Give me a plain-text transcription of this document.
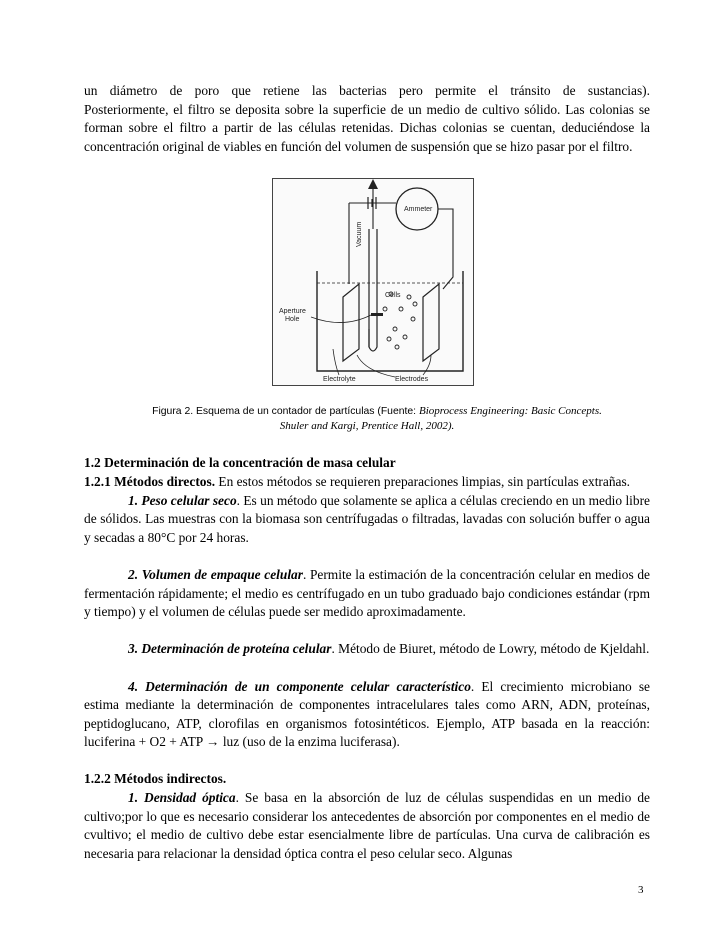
un diámetro de poro que retiene las bacterias pero permite el tránsito de sustancias).

Posteriormente, el filtro se deposita sobre la superficie de un medio de cultivo sólido. Las colonias se forman sobre el filtro a partir de las células retenidas. Dichas colonias se cuentan, deduciéndose la concentración original de viables en función del volumen de suspensión que se hizo pasar por el filtro.

Ammeter
Vacuum
Cells
Aperture
Hole
Electrolyte	Electrodes
Figura 2. Esquema de un contador de partículas (Fuente: Bioprocess Engineering: Basic Concepts.
Shuler and Kargi, Prentice Hall, 2002).
1.2 Determinación de la concentración de masa celular

1.2.1 Métodos directos. En estos métodos se requieren preparaciones limpias, sin partículas extrañas.

1. Peso celular seco. Es un método que solamente se aplica a células creciendo en un medio libre de sólidos. Las muestras con la biomasa son centrífugadas o filtradas, lavadas con solución buffer o agua y secadas a 80°C por 24 horas.

2. Volumen de empaque celular. Permite la estimación de la concentración celular en medios de fermentación rápidamente; el medio es centrífugado en un tubo graduado bajo condiciones estándar (rpm y tiempo) y el volumen de células puede ser medido aproximadamente.

3. Determinación de proteína celular. Método de Biuret, método de Lowry, método de Kjeldahl.

4. Determinación de un componente celular característico. El crecimiento microbiano se estima mediante la determinación de componentes intracelulares tales como ARN, ADN, proteínas, peptidoglucano, ATP, clorofilas en organismos fotosintéticos. Ejemplo, ATP basada en la reacción: luciferina + O2 + ATP → luz (uso de la enzima luciferasa).

1.2.2 Métodos indirectos.

1. Densidad óptica. Se basa en la absorción de luz de células suspendidas en un medio de cultivo;por lo que es necesario considerar los antecedentes de absorción por componentes en el medio de cvultivo; el medio de cultivo debe estar esencialmente libre de partículas. Una curva de calibración es necesaria para relacionar la densidad óptica contra el peso celular seco. Algunas

3
